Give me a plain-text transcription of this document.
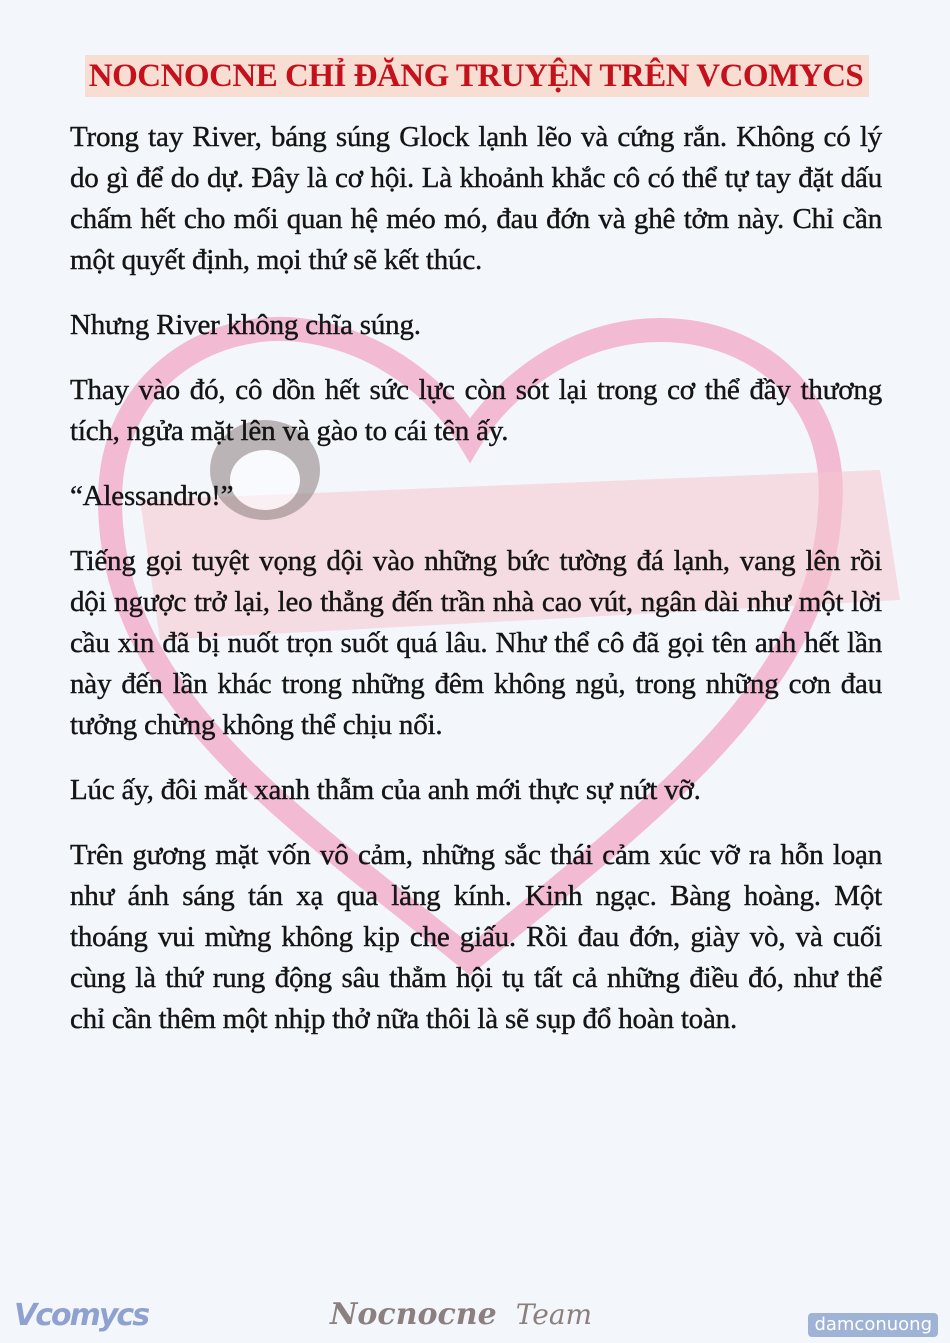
NOCNOCNE CHỈ ĐĂNG TRUYỆN TRÊN VCOMYCS

Trong tay River, báng súng Glock lạnh lẽo và cứng rắn. Không có lý do gì để do dự. Đây là cơ hội. Là khoảnh khắc cô có thể tự tay đặt dấu chấm hết cho mối quan hệ méo mó, đau đớn và ghê tởm này. Chỉ cần một quyết định, mọi thứ sẽ kết thúc.

Nhưng River không chĩa súng.

Thay vào đó, cô dồn hết sức lực còn sót lại trong cơ thể đầy thương tích, ngửa mặt lên và gào to cái tên ấy.

“Alessandro!”

Tiếng gọi tuyệt vọng dội vào những bức tường đá lạnh, vang lên rồi dội ngược trở lại, leo thẳng đến trần nhà cao vút, ngân dài như một lời cầu xin đã bị nuốt trọn suốt quá lâu. Như thể cô đã gọi tên anh hết lần này đến lần khác trong những đêm không ngủ, trong những cơn đau tưởng chừng không thể chịu nổi.

Lúc ấy, đôi mắt xanh thẫm của anh mới thực sự nứt vỡ.

Trên gương mặt vốn vô cảm, những sắc thái cảm xúc vỡ ra hỗn loạn như ánh sáng tán xạ qua lăng kính. Kinh ngạc. Bàng hoàng. Một thoáng vui mừng không kịp che giấu. Rồi đau đớn, giày vò, và cuối cùng là thứ rung động sâu thẳm hội tụ tất cả những điều đó, như thể chỉ cần thêm một nhịp thở nữa thôi là sẽ sụp đổ hoàn toàn.

Nocnocne Team
Vcomycs	damconuong
